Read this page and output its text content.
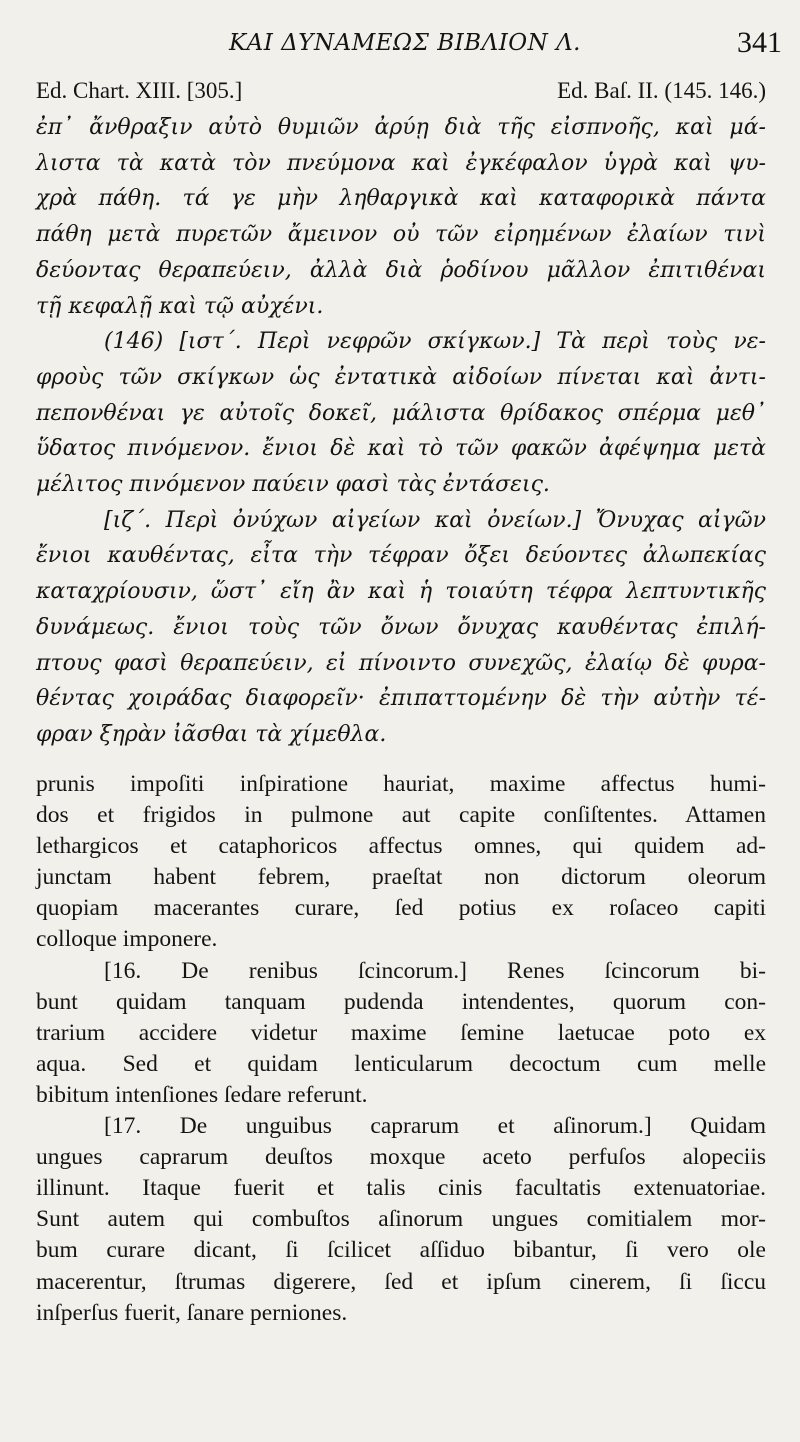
ΚΑΙ ΔΥΝΑΜΕΩΣ ΒΙΒΛΙΟΝ Λ.	341
Ed. Chart. XIII. [305.]	Ed. Baſ. II. (145. 146.)
ἐπ᾽ ἄνθραξιν αὐτὸ θυμιῶν ἀρύῃ διὰ τῆς εἰσπνοῆς, καὶ μά-
λιστα τὰ κατὰ τὸν πνεύμονα καὶ ἐγκέφαλον ὑγρὰ καὶ ψυ-
χρὰ πάθη. τά γε μὴν ληθαργικὰ καὶ καταφορικὰ πάντα
πάθη μετὰ πυρετῶν ἄμεινον οὐ τῶν εἰρημένων ἐλαίων τινὶ
δεύοντας θεραπεύειν, ἀλλὰ διὰ ῥοδίνου μᾶλλον ἐπιτιθέναι
τῇ κεφαλῇ καὶ τῷ αὐχένι.
(146) [ιστ΄. Περὶ νεφρῶν σκίγκων.] Τὰ περὶ τοὺς νε-
φροὺς τῶν σκίγκων ὡς ἐντατικὰ αἰδοίων πίνεται καὶ ἀντι-
πεπονθέναι γε αὐτοῖς δοκεῖ, μάλιστα θρίδακος σπέρμα μεθ᾽
ὕδατος πινόμενον. ἔνιοι δὲ καὶ τὸ τῶν φακῶν ἀφέψημα μετὰ
μέλιτος πινόμενον παύειν φασὶ τὰς ἐντάσεις.
[ιζ΄. Περὶ ὀνύχων αἰγείων καὶ ὀνείων.] Ὄνυχας αἰγῶν
ἔνιοι καυθέντας, εἶτα τὴν τέφραν ὄξει δεύοντες ἀλωπεκίας
καταχρίουσιν, ὥστ᾽ εἴη ἂν καὶ ἡ τοιαύτη τέφρα λεπτυντικῆς
δυνάμεως. ἔνιοι τοὺς τῶν ὄνων ὄνυχας καυθέντας ἐπιλή-
πτους φασὶ θεραπεύειν, εἰ πίνοιντο συνεχῶς, ἐλαίῳ δὲ φυρα-
θέντας χοιράδας διαφορεῖν· ἐπιπαττομένην δὲ τὴν αὐτὴν τέ-
φραν ξηρὰν ἰᾶσθαι τὰ χίμεθλα.
prunis impoſiti inſpiratione hauriat, maxime affectus humi-
dos et frigidos in pulmone aut capite conſiſtentes. Attamen
lethargicos et cataphoricos affectus omnes, qui quidem ad-
junctam habent febrem, praeſtat non dictorum oleorum
quopiam macerantes curare, ſed potius ex roſaceo capiti
colloque imponere.
[16. De renibus ſcincorum.] Renes ſcincorum bi-
bunt quidam tanquam pudenda intendentes, quorum con-
trarium accidere videtur maxime ſemine laetucae poto ex
aqua. Sed et quidam lenticularum decoctum cum melle
bibitum intenſiones ſedare referunt.
[17. De unguibus caprarum et aſinorum.] Quidam
ungues caprarum deuſtos moxque aceto perfuſos alopeciis
illinunt. Itaque fuerit et talis cinis facultatis extenuatoriae.
Sunt autem qui combuſtos aſinorum ungues comitialem mor-
bum curare dicant, ſi ſcilicet aſſiduo bibantur, ſi vero ole
macerentur, ſtrumas digerere, ſed et ipſum cinerem, ſi ſiccu
inſperſus fuerit, ſanare perniones.
